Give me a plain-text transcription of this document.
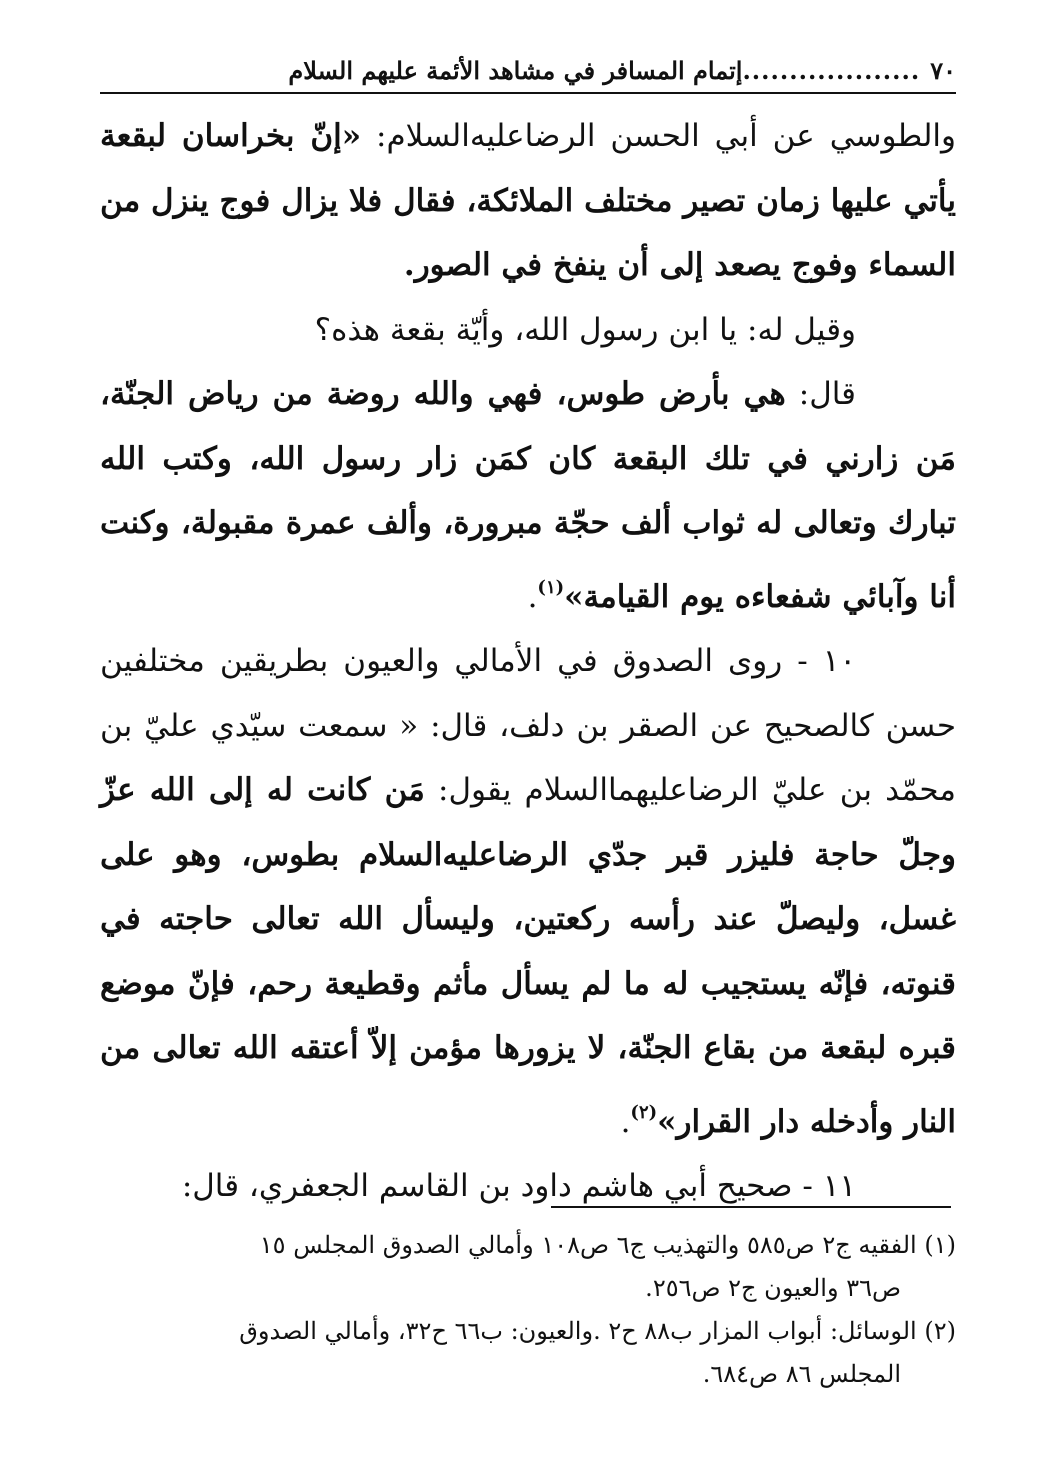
٧٠
...................
إتمام المسافر في مشاهد الأئمة عليهم السلام

والطوسي عن أبي الحسن الرضاعليه‌السلام: «إنّ بخراسان لبقعة يأتي عليها زمان تصير مختلف الملائكة، فقال فلا يزال فوج ينزل من السماء وفوج يصعد إلى أن ينفخ في الصور.

وقيل له: يا ابن رسول الله، وأيّة بقعة هذه؟

قال: هي بأرض طوس، فهي والله روضة من رياض الجنّة، مَن زارني في تلك البقعة كان كمَن زار رسول الله، وكتب الله تبارك وتعالى له ثواب ألف حجّة مبرورة، وألف عمرة مقبولة، وكنت أنا وآبائي شفعاءه يوم القيامة»$^{(١)}$.

١٠ - روى الصدوق في الأمالي والعيون بطريقين مختلفين حسن كالصحيح عن الصقر بن دلف، قال: « سمعت سيّدي عليّ بن محمّد بن عليّ الرضاعليهما‌السلام يقول: مَن كانت له إلى الله عزّ وجلّ حاجة فليزر قبر جدّي الرضاعليه‌السلام بطوس، وهو على غسل، وليصلّ عند رأسه ركعتين، وليسأل الله تعالى حاجته في قنوته، فإنّه يستجيب له ما لم يسأل مأثم وقطيعة رحم، فإنّ موضع قبره لبقعة من بقاع الجنّة، لا يزورها مؤمن إلاّ أعتقه الله تعالى من النار وأدخله دار القرار»$^{(٢)}$.

١١ - صحيح أبي هاشم داود بن القاسم الجعفري، قال:

(١) الفقيه ج٢ ص٥٨٥ والتهذيب ج٦ ص١٠٨ وأمالي الصدوق المجلس ١٥
ص٣٦ والعيون ج٢ ص٢٥٦.

(٢) الوسائل: أبواب المزار ب٨٨ ح٢ .والعيون: ب٦٦ ح٣٢، وأمالي الصدوق
المجلس ٨٦ ص٦٨٤.
